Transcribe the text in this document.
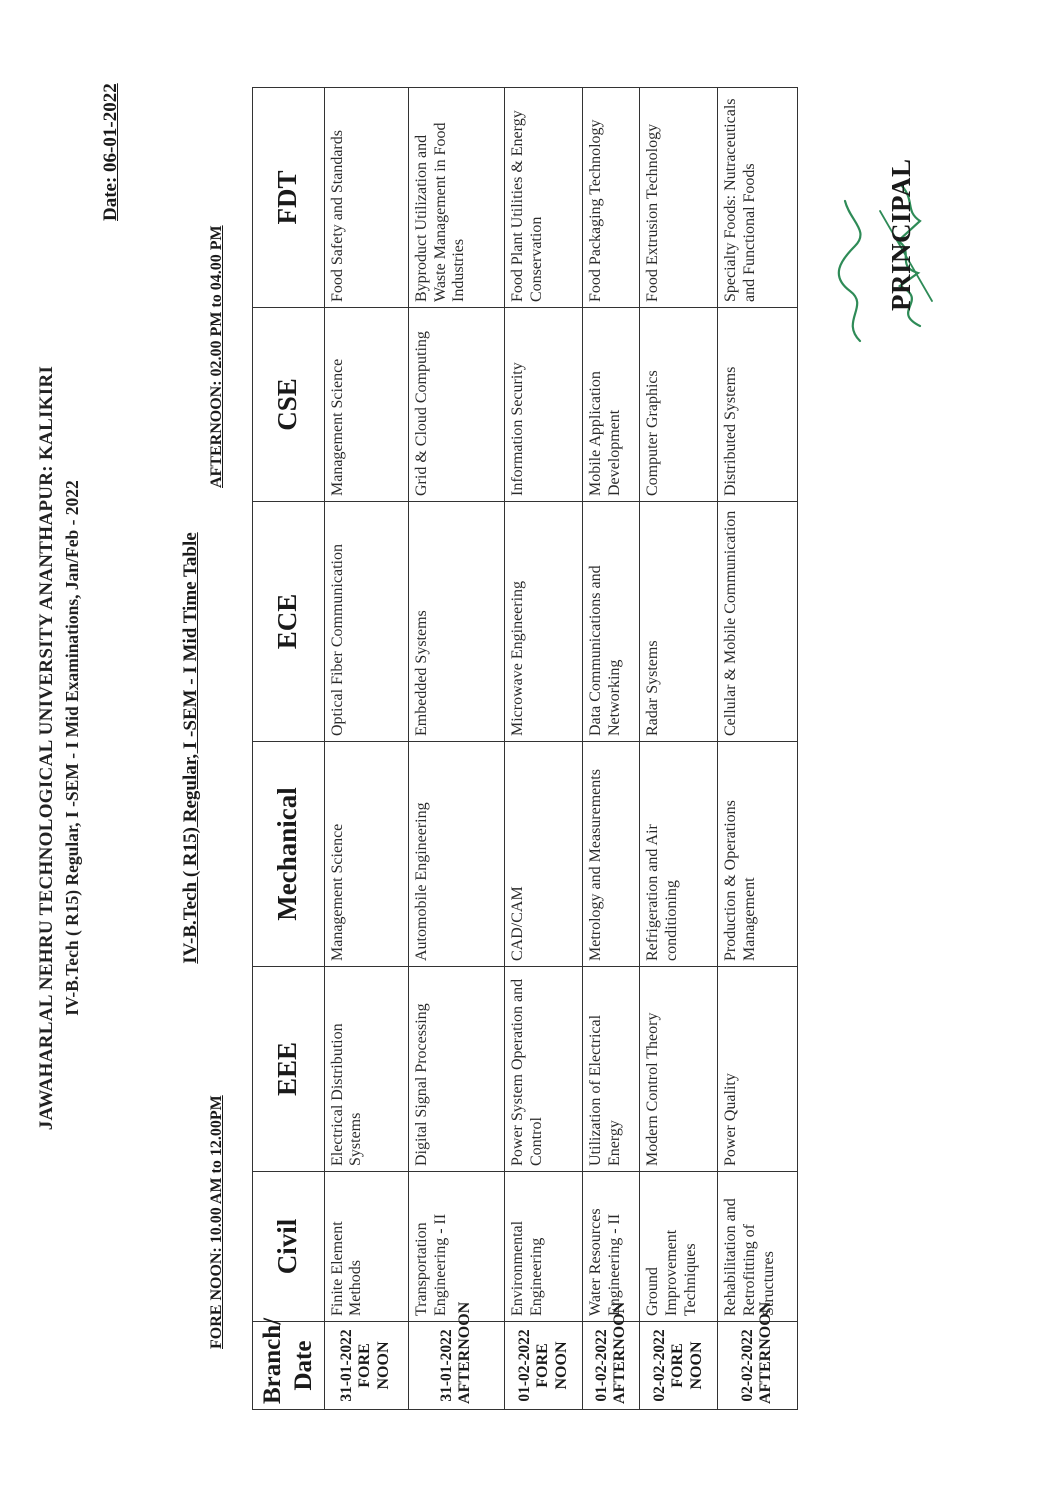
JAWAHARLAL NEHRU TECHNOLOGICAL UNIVERSITY ANANTHAPUR: KALIKIRI IV-B.Tech ( R15) Regular, I -SEM - I Mid Examinations, Jan/Feb - 2022
Date: 06-01-2022
IV-B.Tech ( R15) Regular, I -SEM - I Mid Time Table
FORE NOON: 10.00 AM to 12.00PM
AFTERNOON: 02.00 PM to 04.00 PM
Branch/ Date	Civil	EEE	Mechanical	ECE	CSE	FDT

31-01-2022 FORE NOON	Finite Element Methods	Electrical Distribution Systems	Management Science	Optical Fiber Communication	Management Science	Food Safety and Standards

31-01-2022 AFTERNOON	Transportation Engineering - II	Digital Signal Processing	Automobile Engineering	Embedded Systems	Grid & Cloud Computing	Byproduct Utilization and Waste Management in Food Industries

01-02-2022 FORE NOON	Environmental Engineering	Power System Operation and Control	CAD/CAM	Microwave Engineering	Information Security	Food Plant Utilities & Energy Conservation

01-02-2022 AFTERNOON	Water Resources Engineering - II	Utilization of Electrical Energy	Metrology and Measurements	Data Communications and Networking	Mobile Application Development	Food Packaging Technology

02-02-2022 FORE NOON	Ground Improvement Techniques	Modern Control Theory	Refrigeration and Air conditioning	Radar Systems	Computer Graphics	Food Extrusion Technology

02-02-2022 AFTERNOON	Rehabilitation and Retrofitting of Structures	Power Quality	Production & Operations Management	Cellular & Mobile Communication	Distributed Systems	Specialty Foods: Nutraceuticals and Functional Foods	PRINCIPAL
